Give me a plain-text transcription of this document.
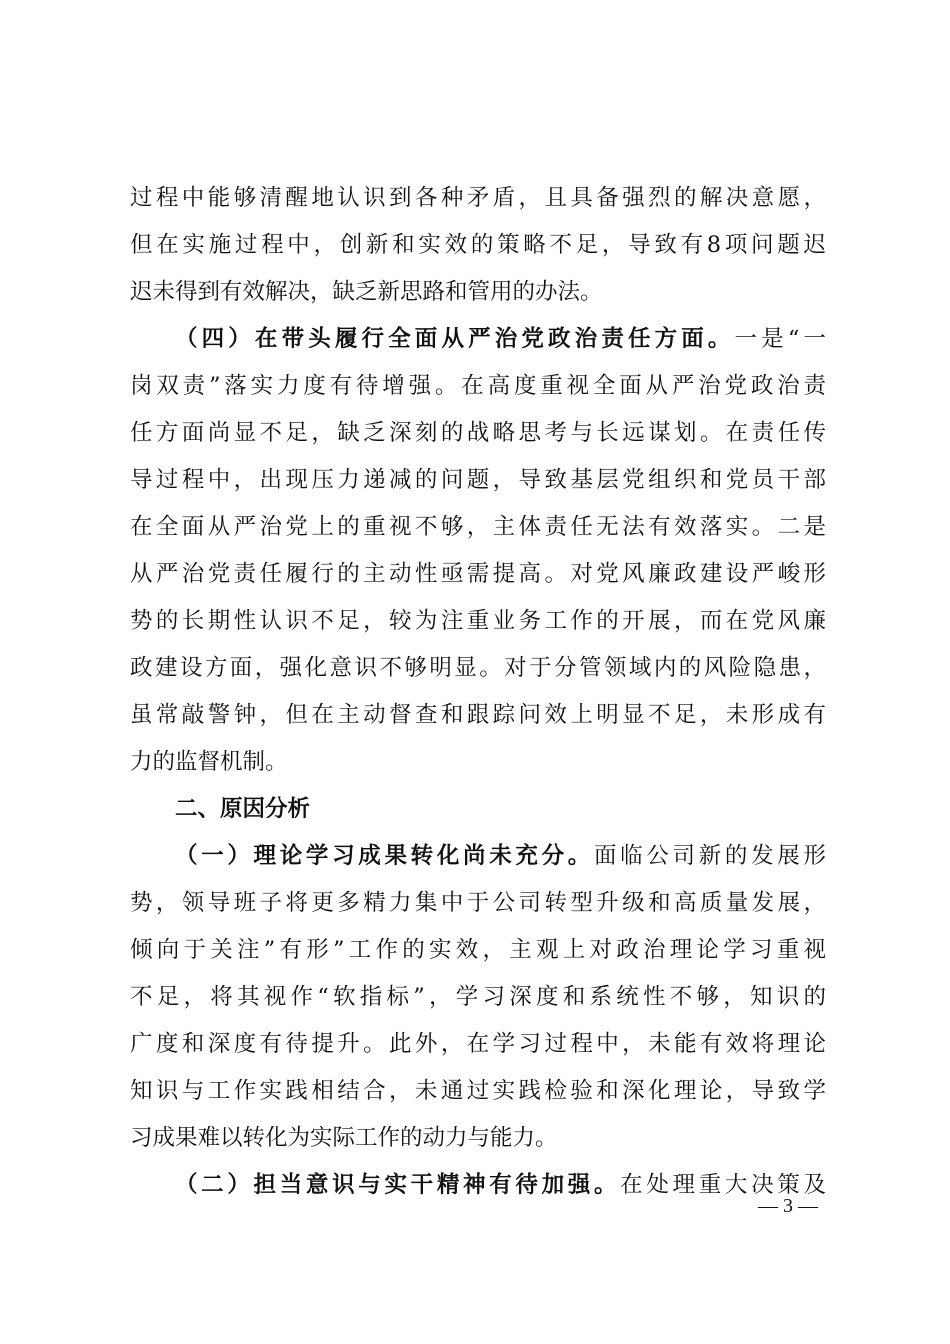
过程中能够清醒地认识到各种矛盾，且具备强烈的解决意愿，
但在实施过程中，创新和实效的策略不足，导致有8项问题迟
迟未得到有效解决，缺乏新思路和管用的办法。
（四）在带头履行全面从严治党政治责任方面。一是“一
岗双责”落实力度有待增强。在高度重视全面从严治党政治责
任方面尚显不足，缺乏深刻的战略思考与长远谋划。在责任传
导过程中，出现压力递减的问题，导致基层党组织和党员干部
在全面从严治党上的重视不够，主体责任无法有效落实。二是
从严治党责任履行的主动性亟需提高。对党风廉政建设严峻形
势的长期性认识不足，较为注重业务工作的开展，而在党风廉
政建设方面，强化意识不够明显。对于分管领域内的风险隐患，
虽常敲警钟，但在主动督查和跟踪问效上明显不足，未形成有
力的监督机制。
二、原因分析
（一）理论学习成果转化尚未充分。面临公司新的发展形
势，领导班子将更多精力集中于公司转型升级和高质量发展，
倾向于关注”有形”工作的实效，主观上对政治理论学习重视
不足，将其视作“软指标”，学习深度和系统性不够，知识的
广度和深度有待提升。此外，在学习过程中，未能有效将理论
知识与工作实践相结合，未通过实践检验和深化理论，导致学
习成果难以转化为实际工作的动力与能力。
（二）担当意识与实干精神有待加强。在处理重大决策及
— 3 —
